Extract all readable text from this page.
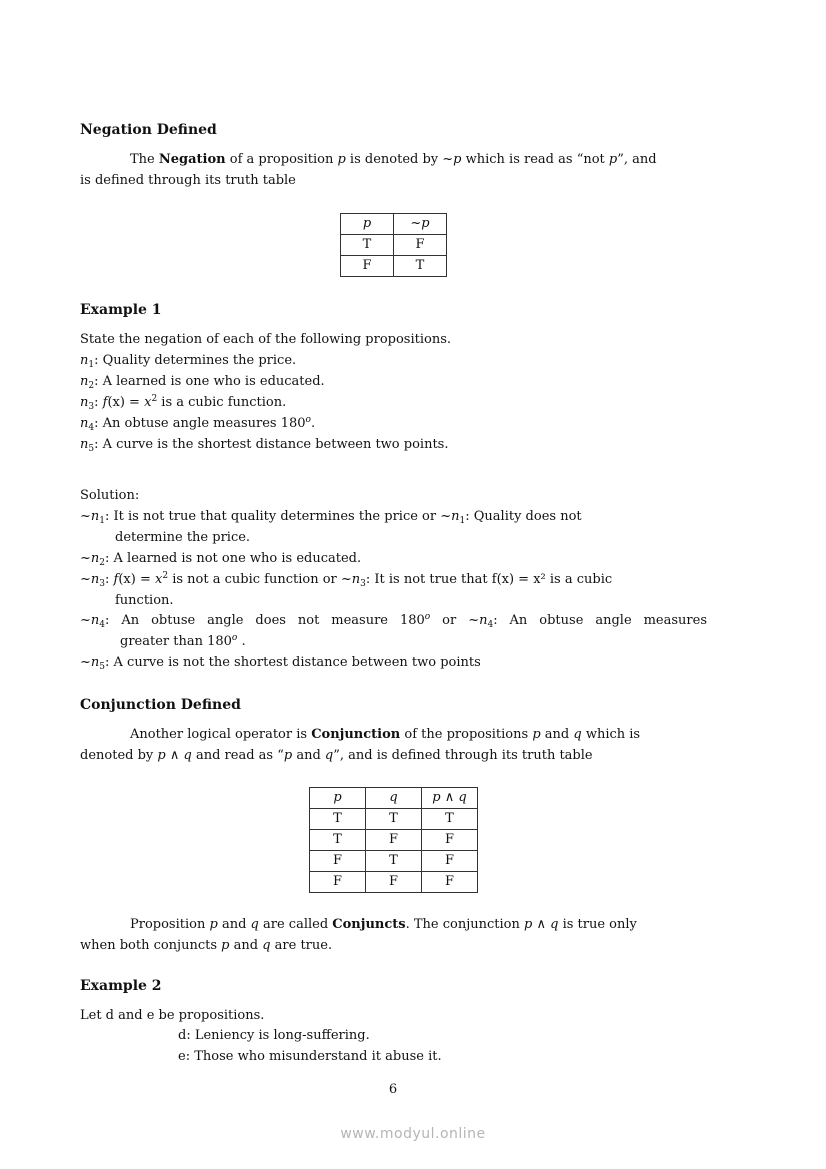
Negation Defined
The Negation of a proposition p is denoted by ~p which is read as “not p”, and
is defined through its truth table
p	~p
T	F
F	T
Example 1
State the negation of each of the following propositions.
$n_1$: Quality determines the price.
$n_2$: A learned is one who is educated.
$n_3$: $f(x) = x^2$ is a cubic function.
$n_4$: An obtuse angle measures 180$^o$.
$n_5$: A curve is the shortest distance between two points.
Solution:
$\sim n_1$: It is not true that quality determines the price or $\sim n_1$: Quality does not
determine the price.
$\sim n_2$: A learned is not one who is educated.
$\sim n_3$: $f(x) = x^2$ is not a cubic function or $\sim n_3$: It is not true that f(x) = x² is a cubic
function.
$\sim n_4$: An obtuse angle does not measure 180$^o$ or $\sim n_4$: An obtuse angle measures
greater than 180$^o$ .
$\sim n_5$: A curve is not the shortest distance between two points
Conjunction Defined
Another logical operator is Conjunction of the propositions p and q which is
denoted by p ∧ q and read as “p and q”, and is defined through its truth table
p	q	p ∧ q
T	T	T
T	F	F
F	T	F
F	F	F
Proposition p and q are called Conjuncts. The conjunction p ∧ q is true only
when both conjuncts p and q are true.
Example 2
Let d and e be propositions.
d: Leniency is long-suffering.
e: Those who misunderstand it abuse it.
6
www.modyul.online
